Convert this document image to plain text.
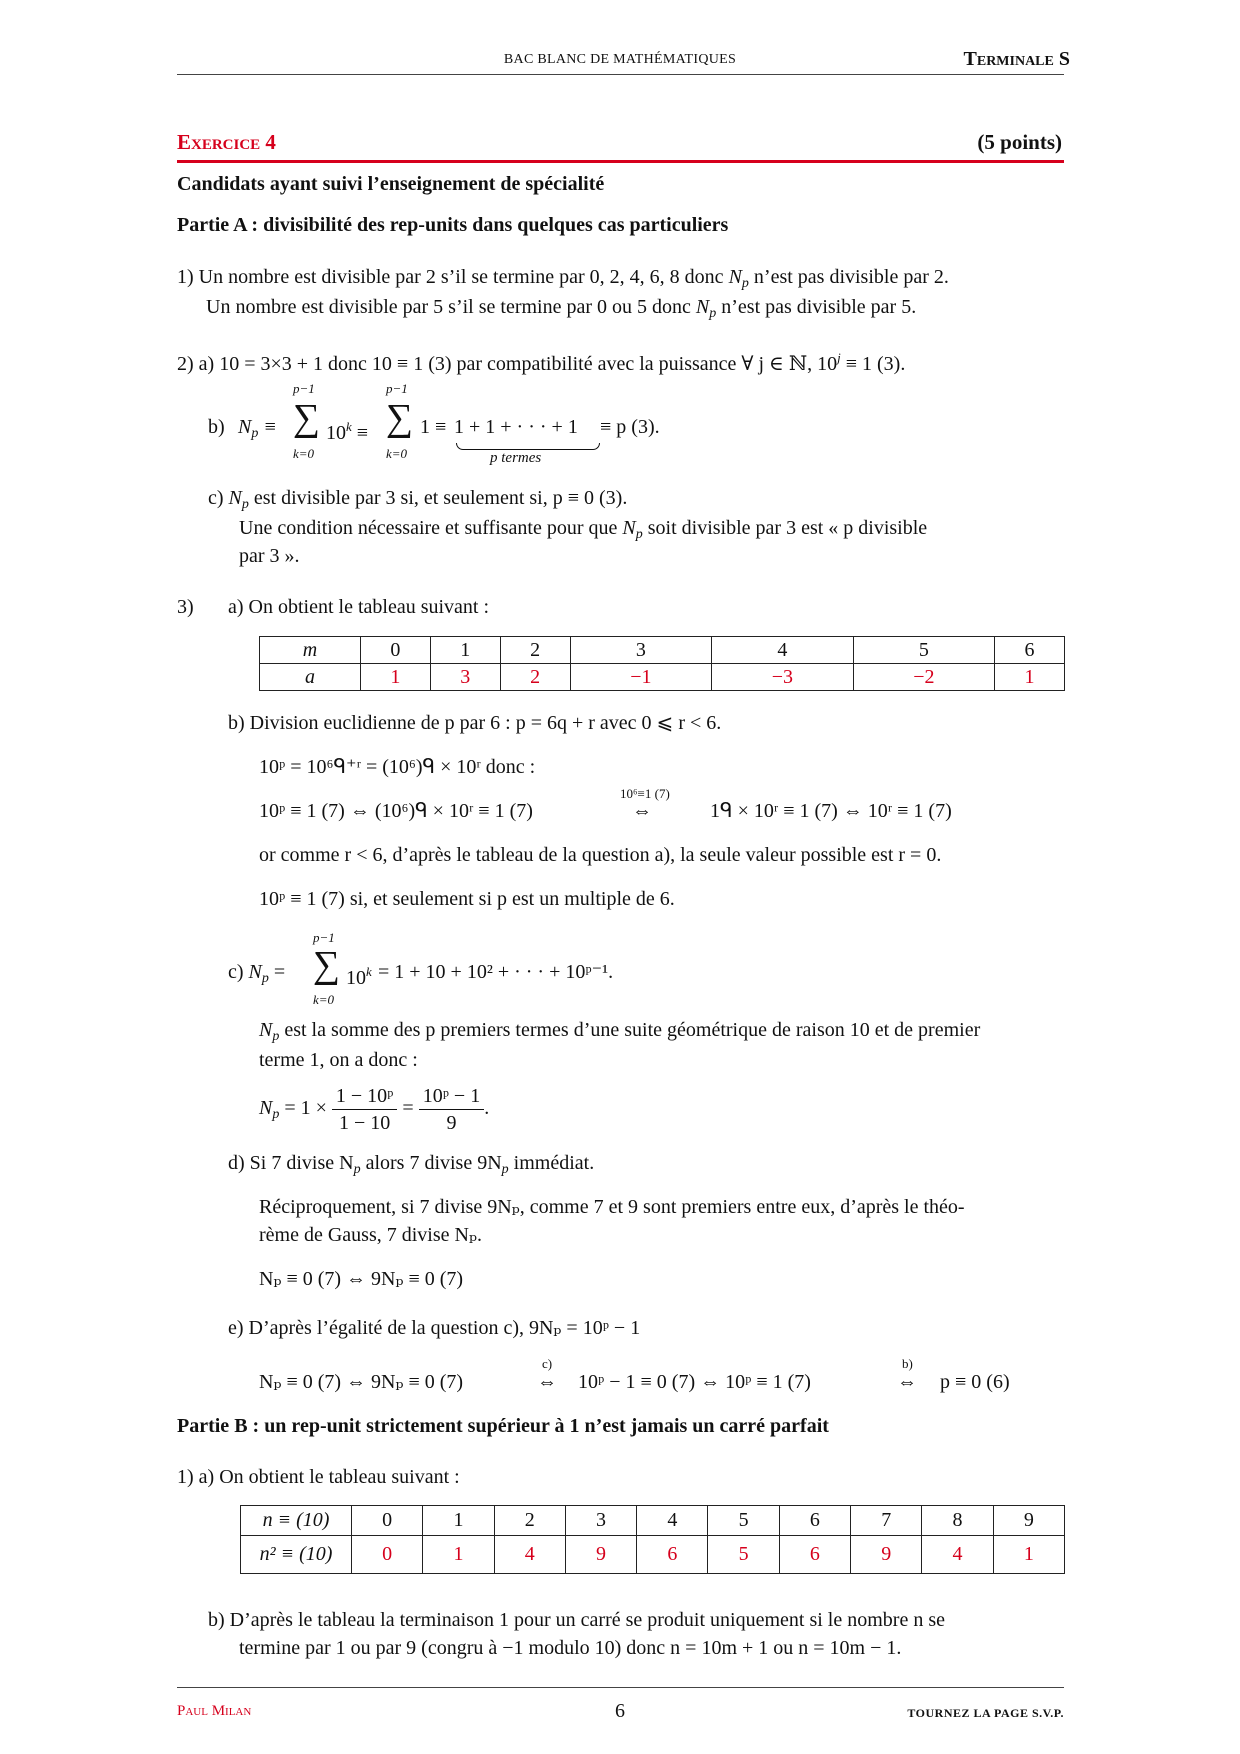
BAC BLANC DE MATHÉMATIQUES	Terminale S
Exercice 4	(5 points)
Candidats ayant suivi l’enseignement de spécialité
Partie A : divisibilité des rep-units dans quelques cas particuliers
1) Un nombre est divisible par 2 s’il se termine par 0, 2, 4, 6, 8 donc $N_p$ n’est pas divisible par 2.
Un nombre est divisible par 5 s’il se termine par 0 ou 5 donc $N_p$ n’est pas divisible par 5.
2) a) 10 = 3×3 + 1 donc 10 ≡ 1 (3) par compatibilité avec la puissance ∀ j ∈ ℕ, $10^j \equiv 1$ (3).
b) $N_p$ ≡
p−1
∑
k=0
$10^k$ ≡
p−1
∑
k=0
1 ≡ 1 + 1 + · · · + 1
p termes
≡ p (3).
c) $N_p$ est divisible par 3 si, et seulement si, p ≡ 0 (3).
Une condition nécessaire et suffisante pour que $N_p$ soit divisible par 3 est « p divisible
par 3 ».
3) a) On obtient le tableau suivant :
m	0	1	2	3	4	5	6
a	1	3	2	−1	−3	−2	1
b) Division euclidienne de p par 6 : p = 6q + r avec 0 ⩽ r < 6.
10ᵖ = 10⁶ᑫ⁺ʳ = (10⁶)ᑫ × 10ʳ donc :
10ᵖ ≡ 1 (7) ⇔ (10⁶)ᑫ × 10ʳ ≡ 1 (7)
10⁶≡1 (7)
⇔	1ᑫ × 10ʳ ≡ 1 (7) ⇔ 10ʳ ≡ 1 (7)
or comme r < 6, d’après le tableau de la question a), la seule valeur possible est r = 0.
10ᵖ ≡ 1 (7) si, et seulement si p est un multiple de 6.
c) $N_p$ =
p−1
∑
k=0
$10^k = 1 + 10 + 10^2$ + · · · + 10ᵖ⁻¹.
$N_p$ est la somme des p premiers termes d’une suite géométrique de raison 10 et de premier
terme 1, on a donc :
$N_p = 1 \times \frac{\text{1 − 10ᵖ}}{1 - 10} = \frac{\text{10ᵖ − 1}}{9}$ .
d) Si 7 divise $N_p$ alors 7 divise $9N_p$ immédiat.
Réciproquement, si 7 divise 9Nₚ, comme 7 et 9 sont premiers entre eux, d’après le théo-
rème de Gauss, 7 divise Nₚ.
Nₚ ≡ 0 (7) ⇔ 9Nₚ ≡ 0 (7)
e) D’après l’égalité de la question c), 9Nₚ = 10ᵖ − 1
Nₚ ≡ 0 (7) ⇔ 9Nₚ ≡ 0 (7)
c)
⇔ 10ᵖ − 1 ≡ 0 (7) ⇔ 10ᵖ ≡ 1 (7)
b)
⇔ p ≡ 0 (6)
Partie B : un rep-unit strictement supérieur à 1 n’est jamais un carré parfait
1) a) On obtient le tableau suivant :
n ≡ (10)	0	1	2	3	4	5	6	7	8	9
n² ≡ (10)	0	1	4	9	6	5	6	9	4	1
b) D’après le tableau la terminaison 1 pour un carré se produit uniquement si le nombre n se
termine par 1 ou par 9 (congru à −1 modulo 10) donc n = 10m + 1 ou n = 10m − 1.
Paul Milan	6	TOURNEZ LA PAGE S.V.P.
